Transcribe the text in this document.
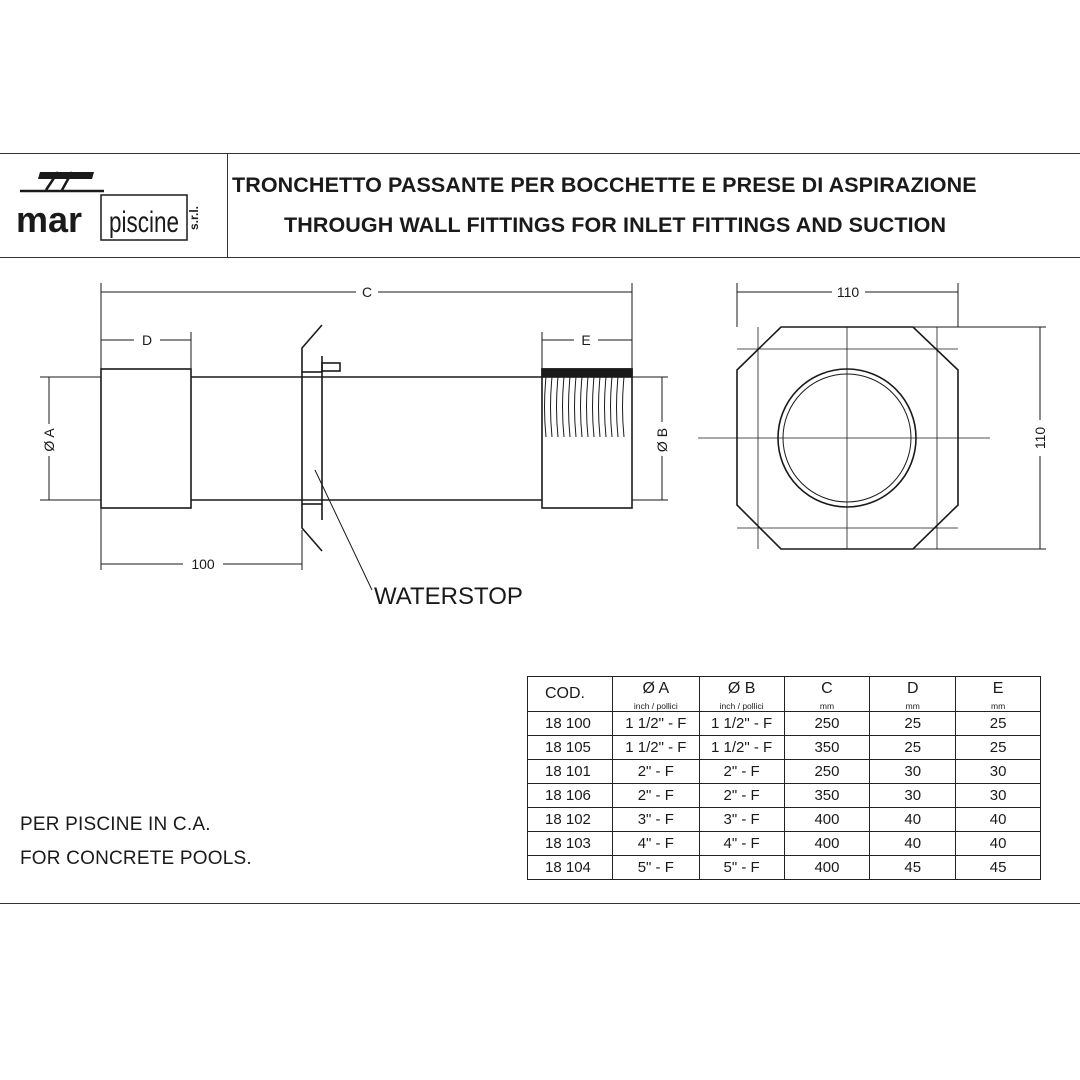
TRONCHETTO PASSANTE PER BOCCHETTE E PRESE DI ASPIRAZIONE
THROUGH WALL FITTINGS FOR INLET FITTINGS AND SUCTION
mar piscine s.r.l.
C
D	E
Ø A	Ø B
100
WATERSTOP
110
110
PER PISCINE IN C.A.
FOR CONCRETE POOLS.
COD.	Ø A	Ø B	C	D	E
	inch / pollici	inch / pollici	mm	mm	mm
18 100	1 1/2" - F	1 1/2" - F	250	25	25
18 105	1 1/2" - F	1 1/2" - F	350	25	25
18 101	2" - F	2" - F	250	30	30
18 106	2" - F	2" - F	350	30	30
18 102	3" - F	3" - F	400	40	40
18 103	4" - F	4" - F	400	40	40
18 104	5" - F	5" - F	400	45	45
